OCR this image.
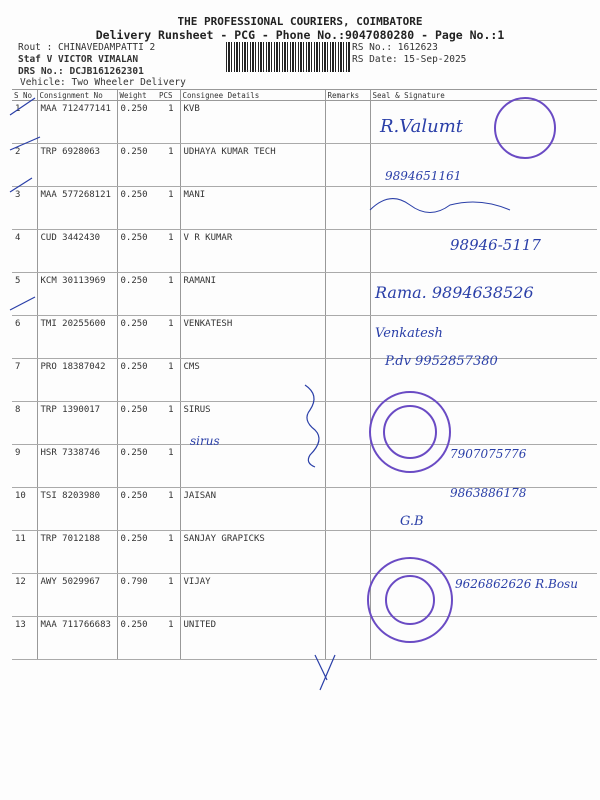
THE PROFESSIONAL COURIERS, COIMBATORE
Delivery Runsheet - PCG - Phone No.:9047080280 - Page No.:1
Rout : CHINAVEDAMPATTI 2
Staf V VICTOR VIMALAN
DRS No.: DCJB161262301
Vehicle: Two Wheeler Delivery
RS No.: 1612623
RS Date: 15-Sep-2025
S No	Consignment No	Weight	PCS	Consignee Details	Remarks	Seal & Signature
1	MAA 712477141	0.250	1	KVB		
2	TRP 6928063	0.250	1	UDHAYA KUMAR TECH		
3	MAA 577268121	0.250	1	MANI		
4	CUD 3442430	0.250	1	V R KUMAR		
5	KCM 30113969	0.250	1	RAMANI		
6	TMI 20255600	0.250	1	VENKATESH		
7	PRO 18387042	0.250	1	CMS		
8	TRP 1390017	0.250	1	SIRUS		
9	HSR 7338746	0.250	1			
10	TSI 8203980	0.250	1	JAISAN		
11	TRP 7012188	0.250	1	SANJAY GRAPICKS		
12	AWY 5029967	0.790	1	VIJAY		
13	MAA 711766683	0.250	1	UNITED		
R.Valumt
9894651161
98946-5117
Rama. 9894638526
Venkatesh
P.dv 9952857380
sirus
7907075776
9863886178
G.B
9626862626 R.Bosu
